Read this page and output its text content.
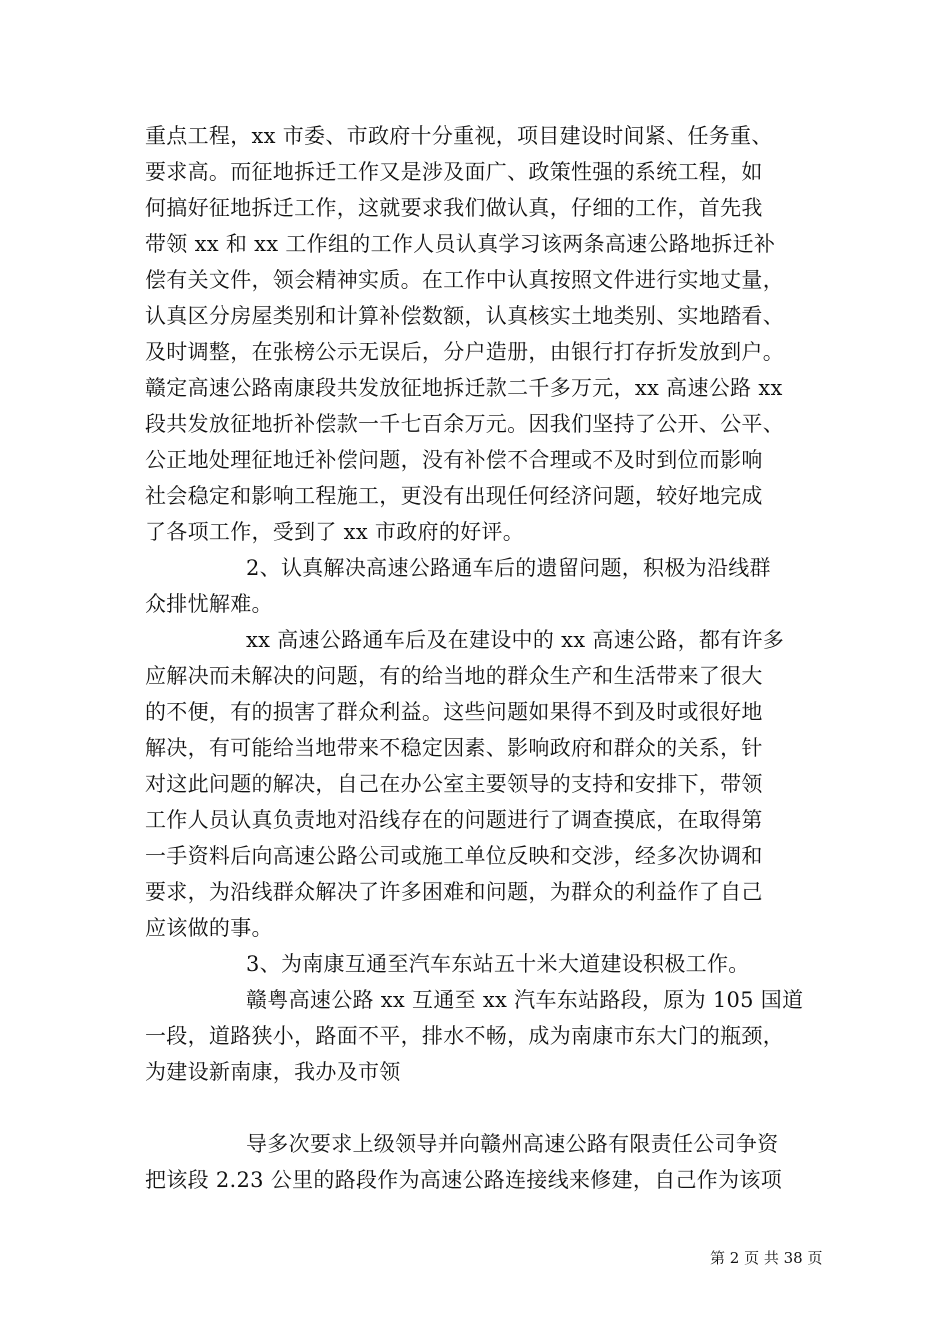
重点工程，xx 市委、市政府十分重视，项目建设时间紧、任务重、
要求高。而征地拆迁工作又是涉及面广、政策性强的系统工程，如
何搞好征地拆迁工作，这就要求我们做认真，仔细的工作，首先我
带领 xx 和 xx 工作组的工作人员认真学习该两条高速公路地拆迁补
偿有关文件，领会精神实质。在工作中认真按照文件进行实地丈量，
认真区分房屋类别和计算补偿数额，认真核实土地类别、实地踏看、
及时调整，在张榜公示无误后，分户造册，由银行打存折发放到户。
赣定高速公路南康段共发放征地拆迁款二千多万元，xx 高速公路 xx
段共发放征地折补偿款一千七百余万元。因我们坚持了公开、公平、
公正地处理征地迁补偿问题，没有补偿不合理或不及时到位而影响
社会稳定和影响工程施工，更没有出现任何经济问题，较好地完成
了各项工作，受到了 xx 市政府的好评。
2、认真解决高速公路通车后的遗留问题，积极为沿线群
众排忧解难。
xx 高速公路通车后及在建设中的 xx 高速公路，都有许多
应解决而未解决的问题，有的给当地的群众生产和生活带来了很大
的不便，有的损害了群众利益。这些问题如果得不到及时或很好地
解决，有可能给当地带来不稳定因素、影响政府和群众的关系，针
对这此问题的解决，自己在办公室主要领导的支持和安排下，带领
工作人员认真负责地对沿线存在的问题进行了调查摸底，在取得第
一手资料后向高速公路公司或施工单位反映和交涉，经多次协调和
要求，为沿线群众解决了许多困难和问题，为群众的利益作了自己
应该做的事。
3、为南康互通至汽车东站五十米大道建设积极工作。
赣粤高速公路 xx 互通至 xx 汽车东站路段，原为 105 国道
一段，道路狭小，路面不平，排水不畅，成为南康市东大门的瓶颈，
为建设新南康，我办及市领
导多次要求上级领导并向赣州高速公路有限责任公司争资
把该段 2.23 公里的路段作为高速公路连接线来修建，自己作为该项
第 2 页 共 38 页
